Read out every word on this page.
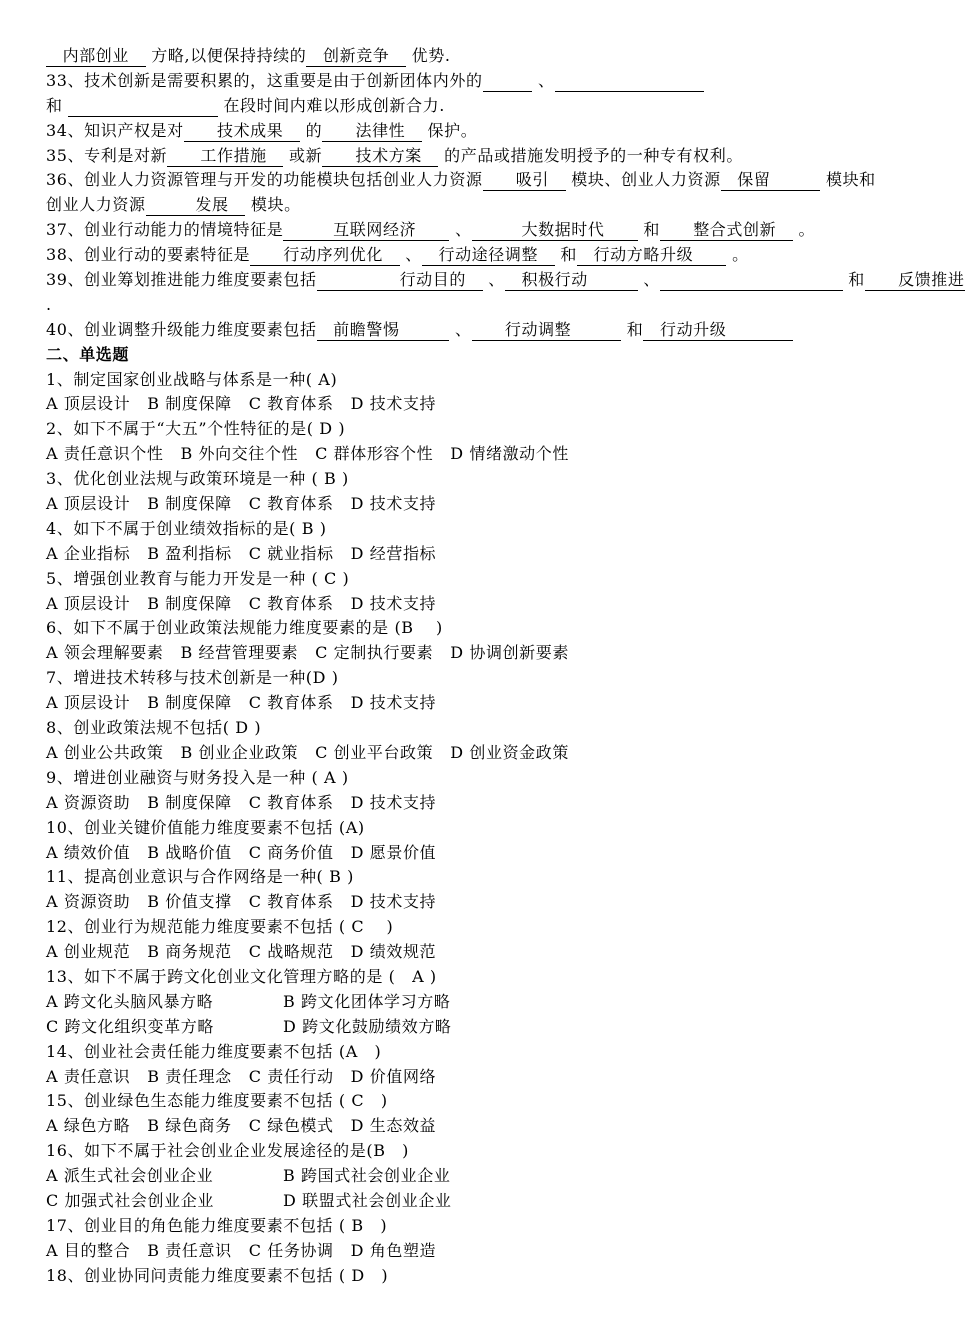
　内部创业　 方略,以便保持持续的　创新竞争　 优势.
33、技术创新是需要积累的，这重要是由于创新团体内外的　　　	、　　　　　　　　　
和 　　　　　　　　　	在段时间内难以形成创新合力.
34、知识产权是对　　技术成果　 的　　法律性　 保护。
35、专利是对新　　工作措施　 或新　　技术方案　 的产品或措施发明授予的一种专有权利。
36、创业人力资源管理与开发的功能模块包括创业人力资源　　吸引　 模块、创业人力资源　保留　　　 模块和
创业人力资源　　　发展　 模块。
37、创业行动能力的情境特征是　　　互联网经济　　 、　　　大数据时代　　 和　　整合式创新　 。
38、创业行动的要素特征是　　行动序列优化　 、　行动途径调整　 和　行动方略升级　　 。
39、创业筹划推进能力维度要素包括　　　　　行动目的　 、　积极行动　　　 、　　　　　　　　　　　	和　　反馈推进
.
40、创业调整升级能力维度要素包括　前瞻警惕　　　 、　　行动调整　　　 和　行动升级　　　　
二、单选题
1、制定国家创业战略与体系是一种( A)
A 顶层设计 B 制度保障 C 教育体系 D 技术支持
2、如下不属于“大五”个性特征的是( D )
A 责任意识个性 B 外向交往个性 C 群体形容个性 D 情绪激动个性
3、优化创业法规与政策环境是一种 ( B )
A 顶层设计 B 制度保障 C 教育体系 D 技术支持
4、如下不属于创业绩效指标的是( B )
A 企业指标 B 盈利指标 C 就业指标 D 经营指标
5、增强创业教育与能力开发是一种 ( C )
A 顶层设计 B 制度保障 C 教育体系 D 技术支持
6、如下不属于创业政策法规能力维度要素的是 (B　 )
A 领会理解要素 B 经营管理要素 C 定制执行要素 D 协调创新要素
7、增进技术转移与技术创新是一种(D )
A 顶层设计 B 制度保障 C 教育体系 D 技术支持
8、创业政策法规不包括( D )
A 创业公共政策 B 创业企业政策 C 创业平台政策 D 创业资金政策
9、增进创业融资与财务投入是一种 ( A )
A 资源资助 B 制度保障 C 教育体系 D 技术支持
10、创业关键价值能力维度要素不包括 (A)
A 绩效价值 B 战略价值 C 商务价值 D 愿景价值
11、提高创业意识与合作网络是一种( B )
A 资源资助 B 价值支撑 C 教育体系 D 技术支持
12、创业行为规范能力维度要素不包括 ( C　 )
A 创业规范 B 商务规范 C 战略规范 D 绩效规范
13、如下不属于跨文化创业文化管理方略的是 (　A )
A 跨文化头脑风暴方略	B 跨文化团体学习方略
C 跨文化组织变革方略	D 跨文化鼓励绩效方略
14、创业社会责任能力维度要素不包括 (A　)
A 责任意识 B 责任理念 C 责任行动 D 价值网络
15、创业绿色生态能力维度要素不包括 ( C　)
A 绿色方略 B 绿色商务 C 绿色模式 D 生态效益
16、如下不属于社会创业企业发展途径的是(B　)
A 派生式社会创业企业	B 跨国式社会创业企业
C 加强式社会创业企业	D 联盟式社会创业企业
17、创业目的角色能力维度要素不包括 ( B　)
A 目的整合 B 责任意识 C 任务协调 D 角色塑造
18、创业协同问责能力维度要素不包括 ( D　)
